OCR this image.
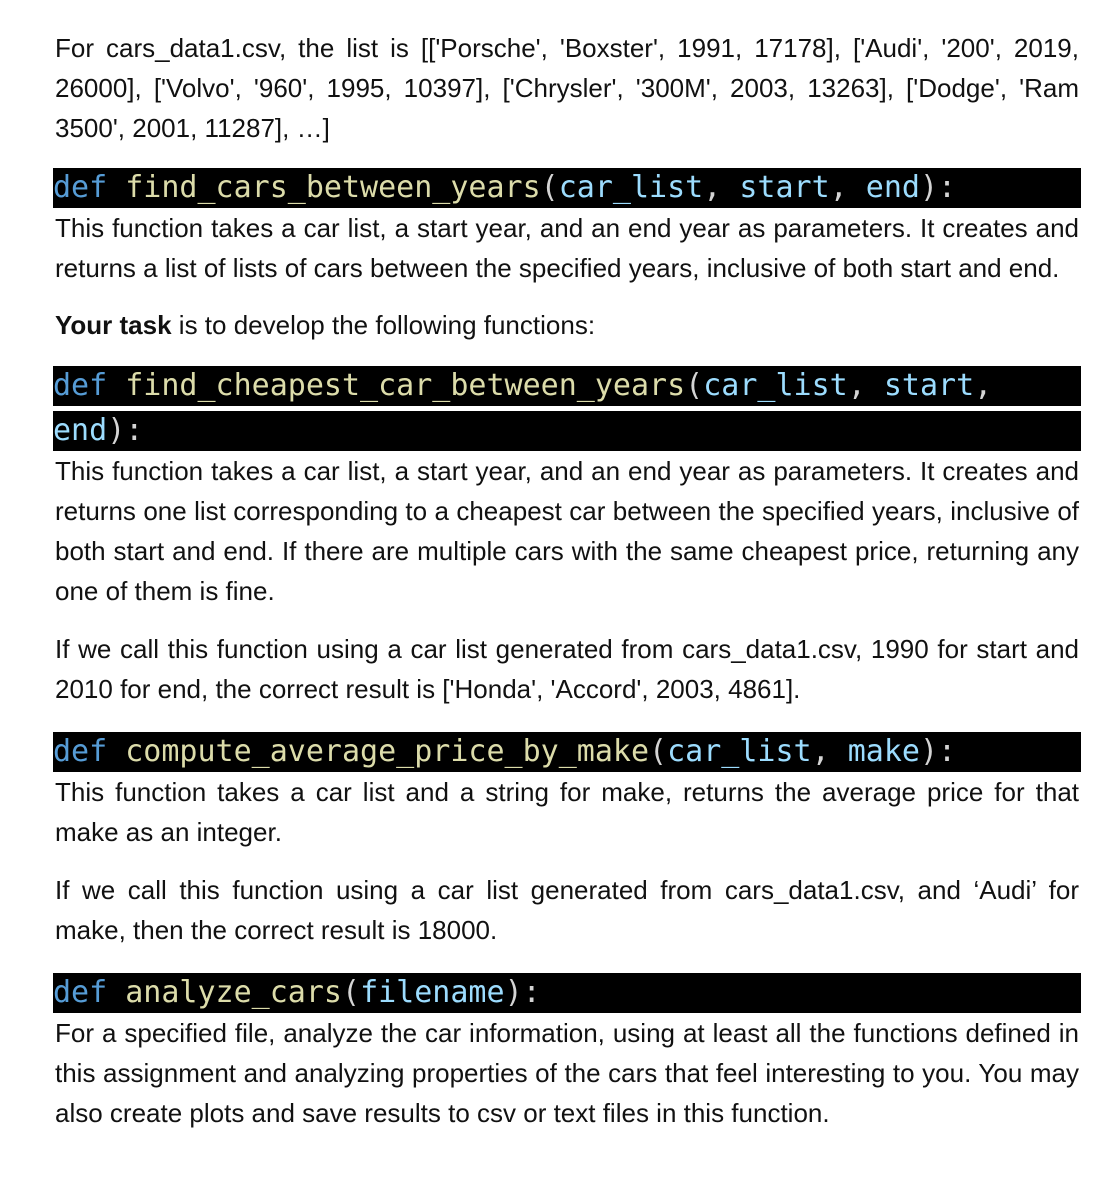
For cars_data1.csv, the list is [['Porsche', 'Boxster', 1991, 17178], ['Audi', '200', 2019, 26000], ['Volvo', '960', 1995, 10397], ['Chrysler', '300M', 2003, 13263], ['Dodge', 'Ram 3500', 2001, 11287], …]

def find_cars_between_years(car_list, start, end):

This function takes a car list, a start year, and an end year as parameters. It creates and returns a list of lists of cars between the specified years, inclusive of both start and end.

Your task is to develop the following functions:

def find_cheapest_car_between_years(car_list, start,
end):

This function takes a car list, a start year, and an end year as parameters. It creates and returns one list corresponding to a cheapest car between the specified years, inclusive of both start and end. If there are multiple cars with the same cheapest price, returning any one of them is fine.

If we call this function using a car list generated from cars_data1.csv, 1990 for start and 2010 for end, the correct result is ['Honda', 'Accord', 2003, 4861].

def compute_average_price_by_make(car_list, make):

This function takes a car list and a string for make, returns the average price for that make as an integer.

If we call this function using a car list generated from cars_data1.csv, and ‘Audi’ for make, then the correct result is 18000.

def analyze_cars(filename):

For a specified file, analyze the car information, using at least all the functions defined in this assignment and analyzing properties of the cars that feel interesting to you. You may also create plots and save results to csv or text files in this function.
